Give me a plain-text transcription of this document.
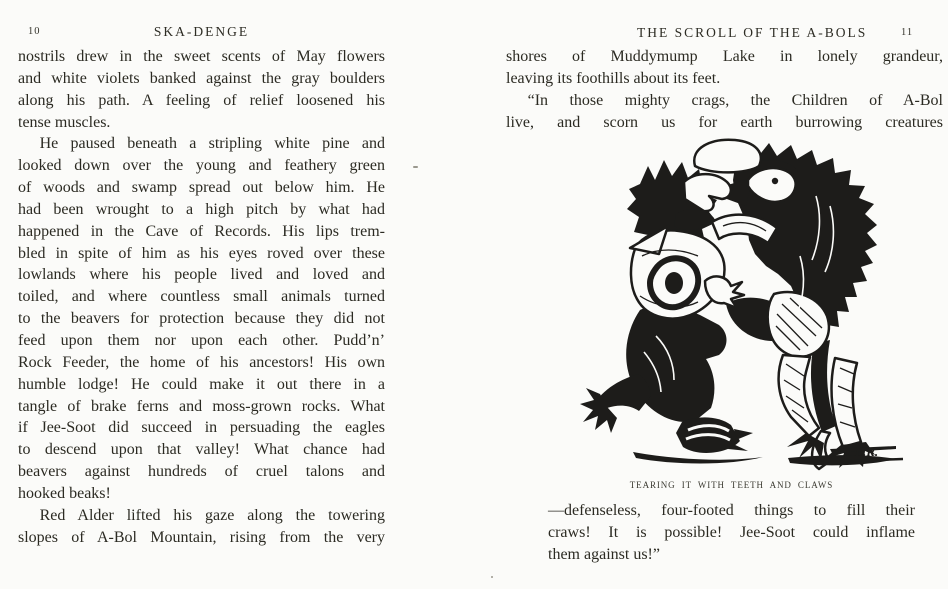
10	SKA-DENGE
nostrils drew in the sweet scents of May flowers
and white violets banked against the gray boulders
along his path. A feeling of relief loosened his
tense muscles.
He paused beneath a stripling white pine and
looked down over the young and feathery green
of woods and swamp spread out below him. He
had been wrought to a high pitch by what had
happened in the Cave of Records. His lips trem-
bled in spite of him as his eyes roved over these
lowlands where his people lived and loved and
toiled, and where countless small animals turned
to the beavers for protection because they did not
feed upon them nor upon each other. Pudd’n’
Rock Feeder, the home of his ancestors! His own
humble lodge! He could make it out there in a
tangle of brake ferns and moss-grown rocks. What
if Jee-Soot did succeed in persuading the eagles
to descend upon that valley! What chance had
beavers against hundreds of cruel talons and
hooked beaks!
Red Alder lifted his gaze along the towering
slopes of A-Bol Mountain, rising from the very
THE SCROLL OF THE A-BOLS	11
shores of Muddymump Lake in lonely grandeur,
leaving its foothills about its feet.
“In those mighty crags, the Children of A-Bol
live, and scorn us for earth burrowing creatures
L.R.
TEARING IT WITH TEETH AND CLAWS
—defenseless, four-footed things to fill their
craws! It is possible! Jee-Soot could inflame
them against us!”
